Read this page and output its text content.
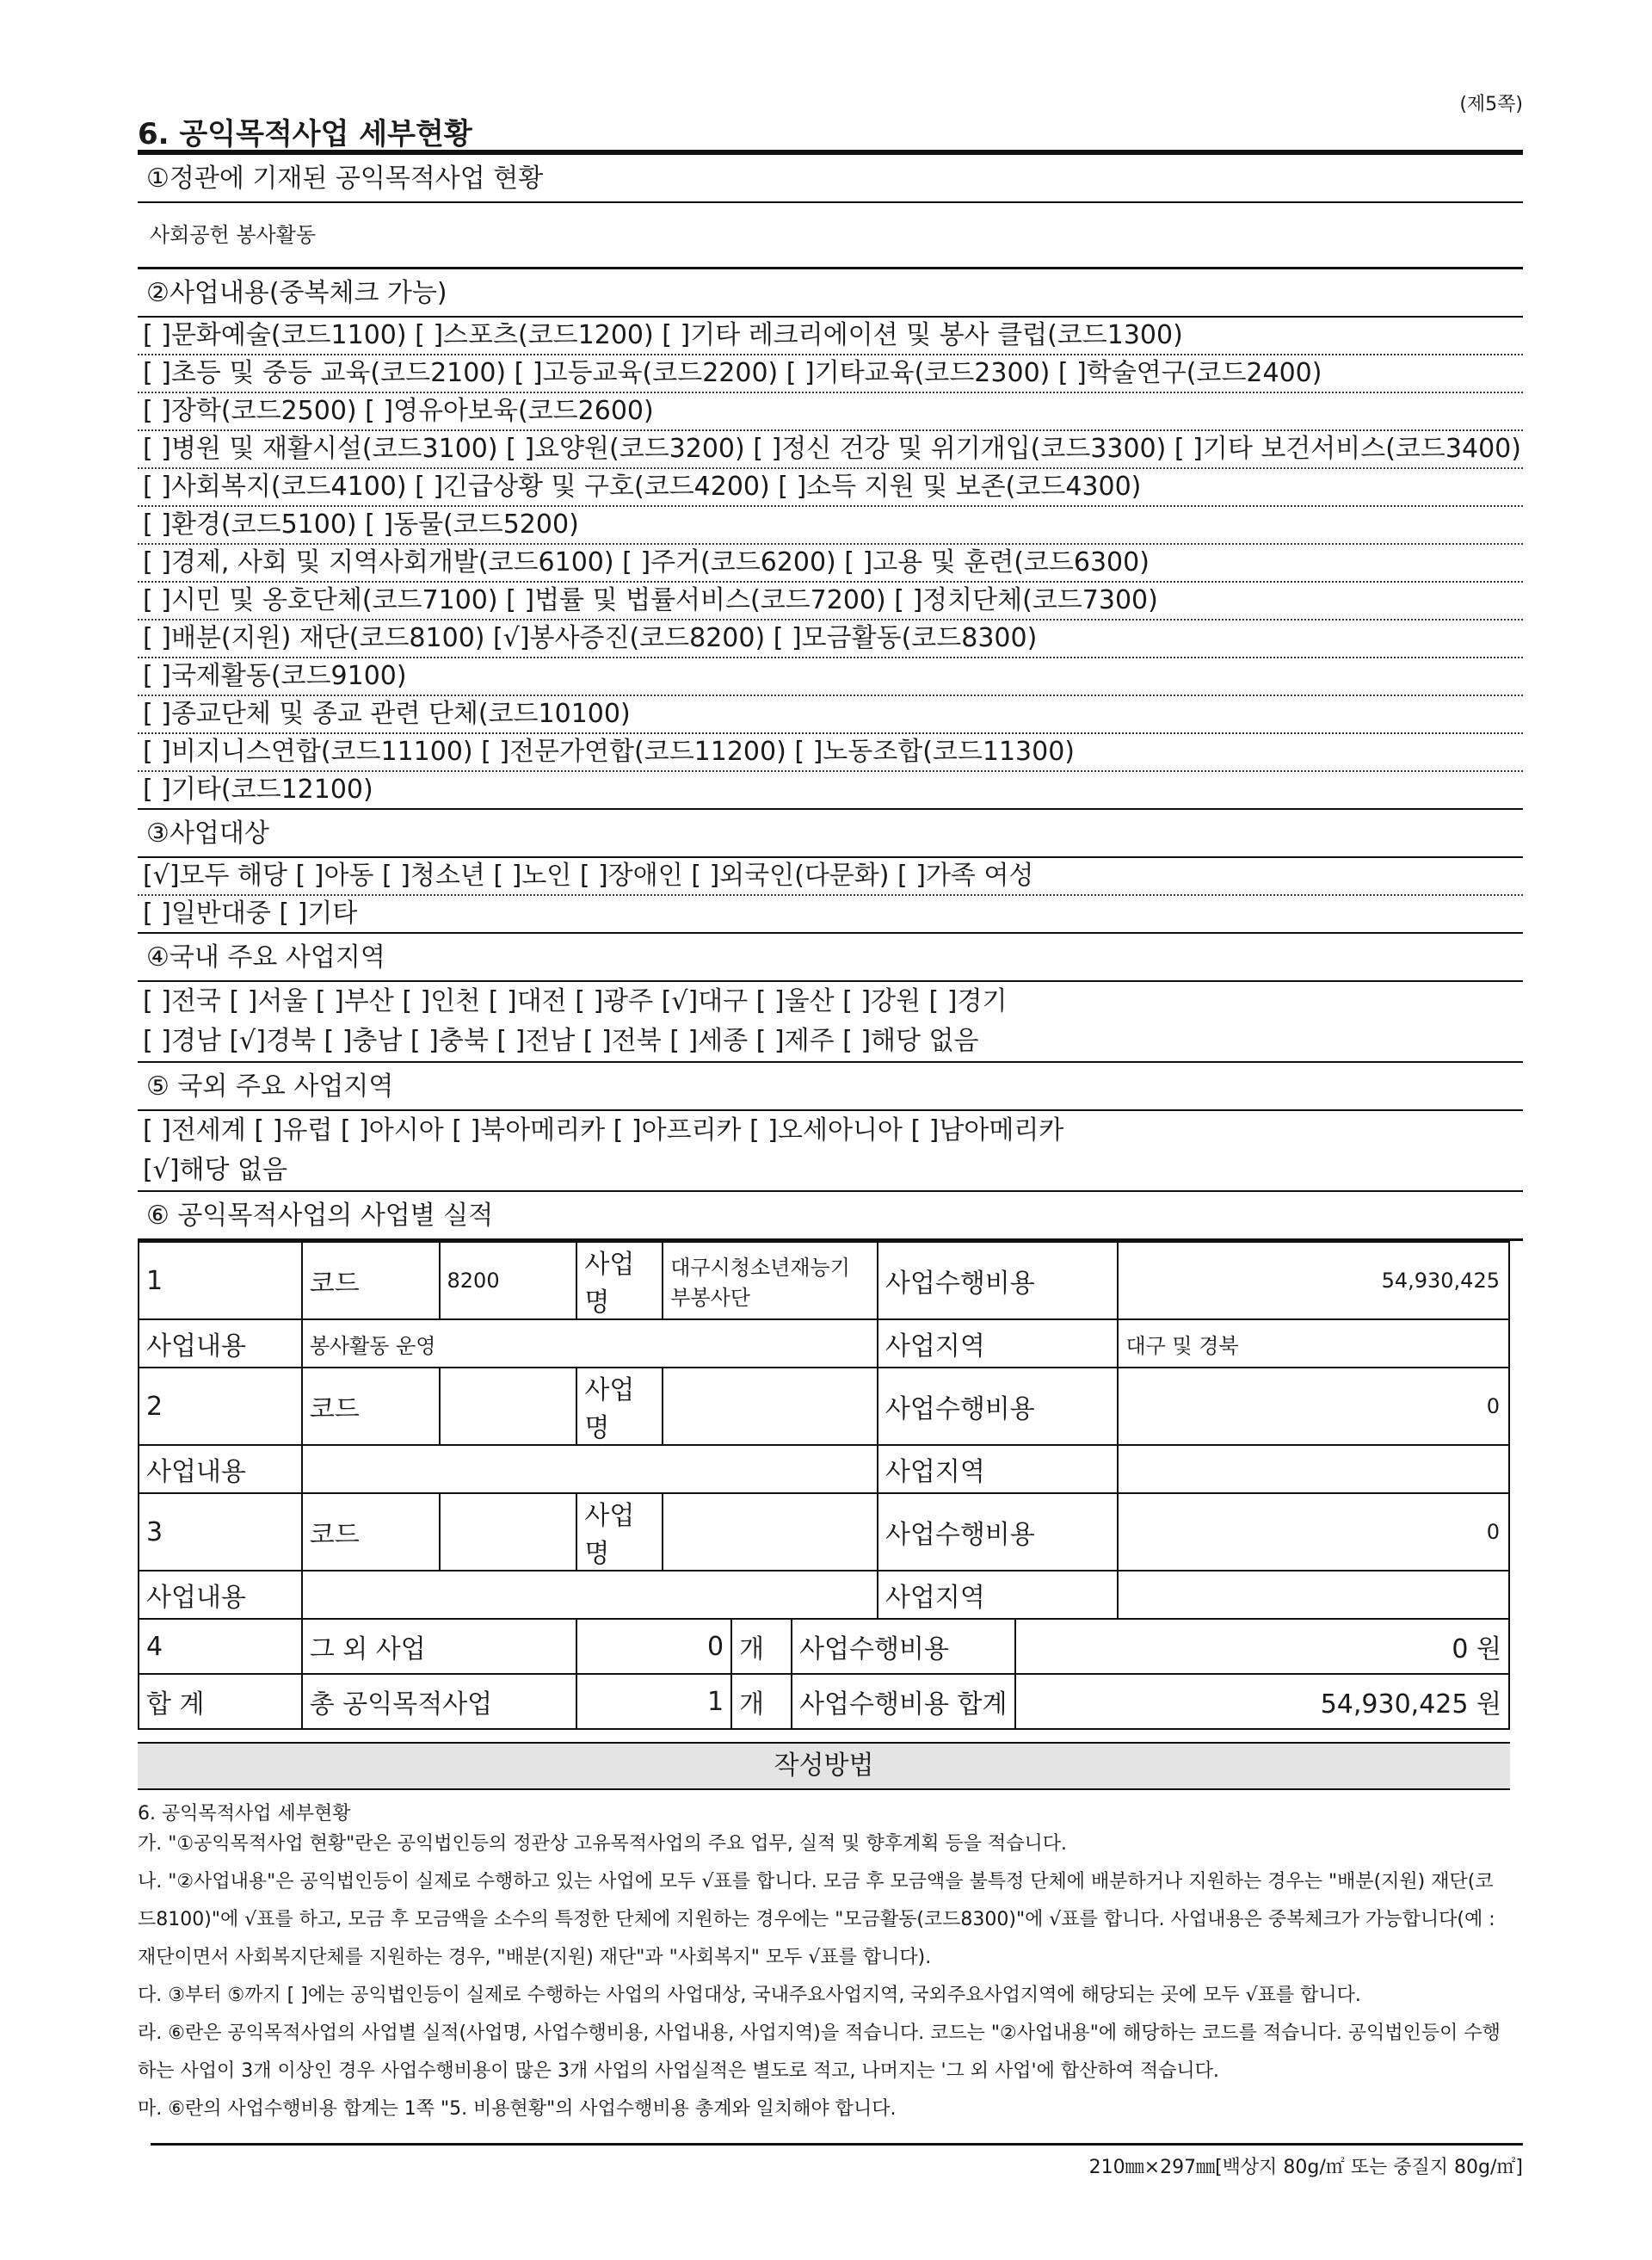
(제5쪽)
6. 공익목적사업 세부현황
①정관에 기재된 공익목적사업 현황
사회공헌 봉사활동
②사업내용(중복체크 가능)
[ ]문화예술(코드1100) [ ]스포츠(코드1200) [ ]기타 레크리에이션 및 봉사 클럽(코드1300)
[ ]초등 및 중등 교육(코드2100) [ ]고등교육(코드2200) [ ]기타교육(코드2300) [ ]학술연구(코드2400)
[ ]장학(코드2500) [ ]영유아보육(코드2600)
[ ]병원 및 재활시설(코드3100) [ ]요양원(코드3200) [ ]정신 건강 및 위기개입(코드3300) [ ]기타 보건서비스(코드3400)
[ ]사회복지(코드4100) [ ]긴급상황 및 구호(코드4200) [ ]소득 지원 및 보존(코드4300)
[ ]환경(코드5100) [ ]동물(코드5200)
[ ]경제, 사회 및 지역사회개발(코드6100) [ ]주거(코드6200) [ ]고용 및 훈련(코드6300)
[ ]시민 및 옹호단체(코드7100) [ ]법률 및 법률서비스(코드7200) [ ]정치단체(코드7300)
[ ]배분(지원) 재단(코드8100) [√]봉사증진(코드8200) [ ]모금활동(코드8300)
[ ]국제활동(코드9100)
[ ]종교단체 및 종교 관련 단체(코드10100)
[ ]비지니스연합(코드11100) [ ]전문가연합(코드11200) [ ]노동조합(코드11300)
[ ]기타(코드12100)
③사업대상
[√]모두 해당 [ ]아동 [ ]청소년 [ ]노인 [ ]장애인 [ ]외국인(다문화) [ ]가족 여성
[ ]일반대중 [ ]기타
④국내 주요 사업지역
[ ]전국 [ ]서울 [ ]부산 [ ]인천 [ ]대전 [ ]광주 [√]대구 [ ]울산 [ ]강원 [ ]경기
[ ]경남 [√]경북 [ ]충남 [ ]충북 [ ]전남 [ ]전북 [ ]세종 [ ]제주 [ ]해당 없음
⑤ 국외 주요 사업지역
[ ]전세계 [ ]유럽 [ ]아시아 [ ]북아메리카 [ ]아프리카 [ ]오세아니아 [ ]남아메리카
[√]해당 없음
⑥ 공익목적사업의 사업별 실적
1	코드	8200	사업명	대구시청소년재능기부봉사단			사업수행비용		54,930,425
사업내용	봉사활동 운영						사업지역		대구 및 경북
2	코드		사업명				사업수행비용		0
사업내용							사업지역		
3	코드		사업명				사업수행비용		0
사업내용							사업지역		
4	그 외 사업		0		개	사업수행비용		0 원	
합 계	총 공익목적사업		1		개	사업수행비용 합계		54,930,425 원	
작성방법
6. 공익목적사업 세부현황
가. "①공익목적사업 현황"란은 공익법인등의 정관상 고유목적사업의 주요 업무, 실적 및 향후계획 등을 적습니다.
나. "②사업내용"은 공익법인등이 실제로 수행하고 있는 사업에 모두 √표를 합니다. 모금 후 모금액을 불특정 단체에 배분하거나 지원하는 경우는 "배분(지원) 재단(코드8100)"에 √표를 하고, 모금 후 모금액을 소수의 특정한 단체에 지원하는 경우에는 "모금활동(코드8300)"에 √표를 합니다. 사업내용은 중복체크가 가능합니다(예 : 재단이면서 사회복지단체를 지원하는 경우, "배분(지원) 재단"과 "사회복지" 모두 √표를 합니다).
다. ③부터 ⑤까지 [ ]에는 공익법인등이 실제로 수행하는 사업의 사업대상, 국내주요사업지역, 국외주요사업지역에 해당되는 곳에 모두 √표를 합니다.
라. ⑥란은 공익목적사업의 사업별 실적(사업명, 사업수행비용, 사업내용, 사업지역)을 적습니다. 코드는 "②사업내용"에 해당하는 코드를 적습니다. 공익법인등이 수행하는 사업이 3개 이상인 경우 사업수행비용이 많은 3개 사업의 사업실적은 별도로 적고, 나머지는 '그 외 사업'에 합산하여 적습니다.
마. ⑥란의 사업수행비용 합계는 1쪽 "5. 비용현황"의 사업수행비용 총계와 일치해야 합니다.
210㎜×297㎜[백상지 80g/㎡ 또는 중질지 80g/㎡]
